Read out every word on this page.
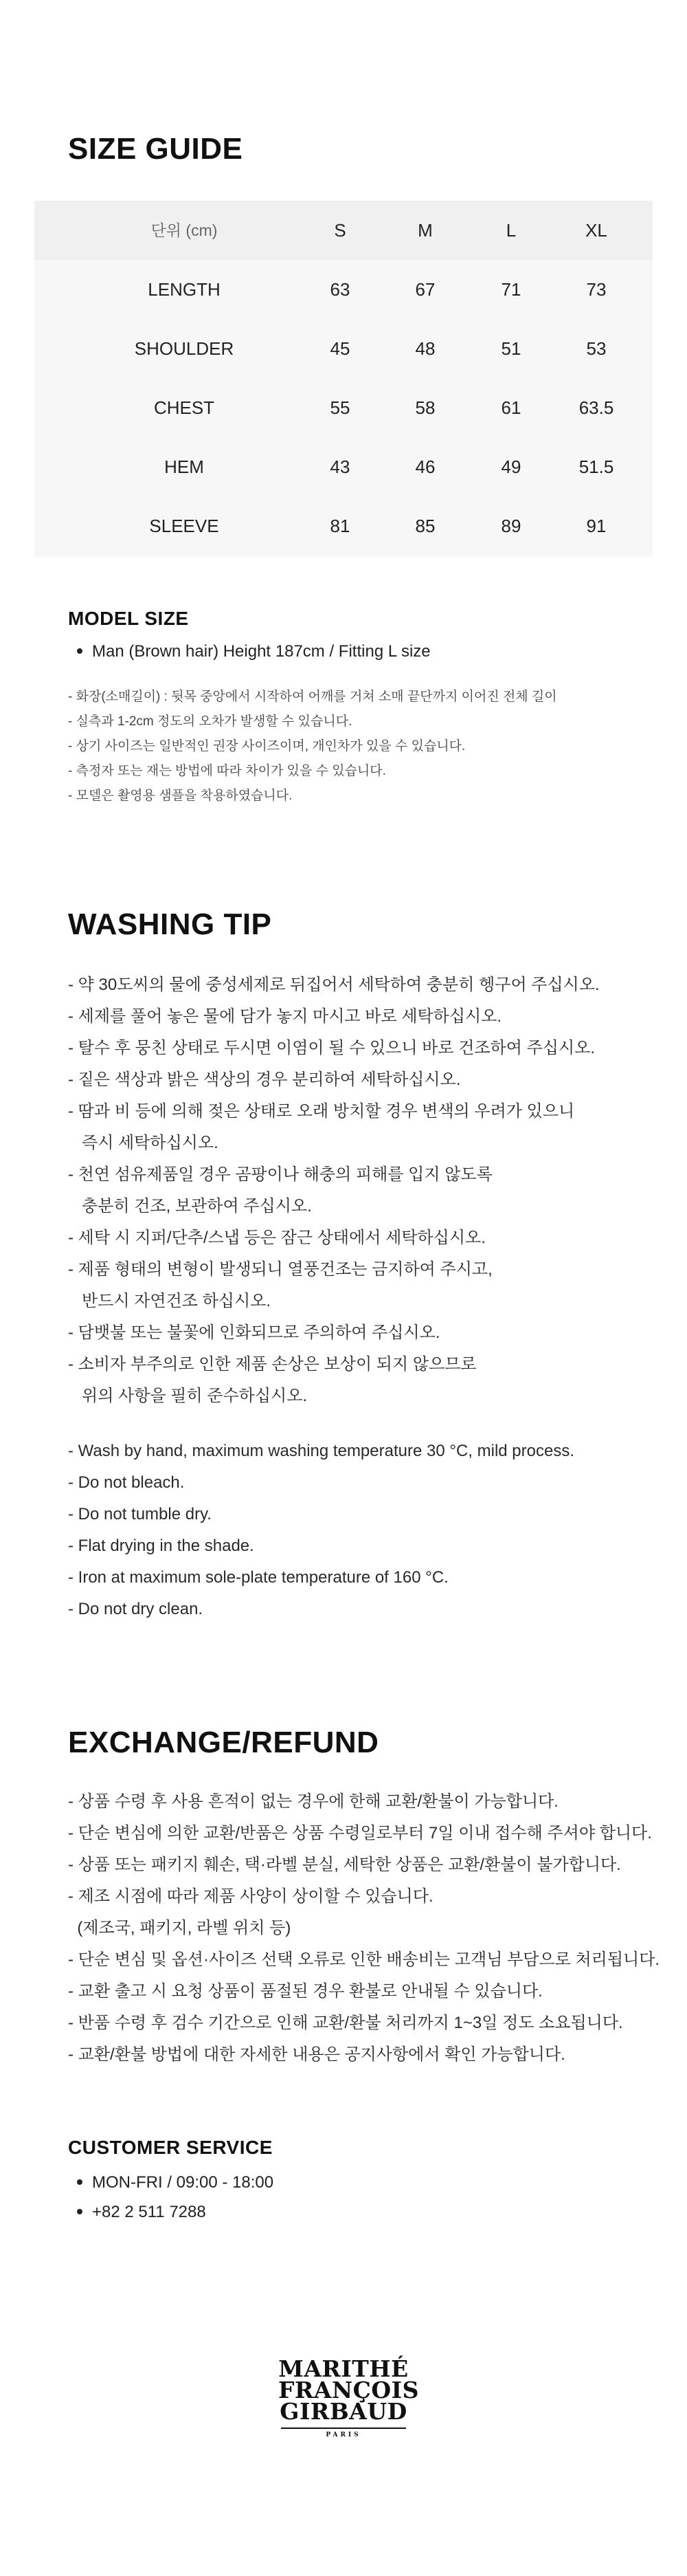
SIZE GUIDE
단위 (cm)	S	M	L	XL
LENGTH	63	67	71	73
SHOULDER	45	48	51	53
CHEST	55	58	61	63.5
HEM	43	46	49	51.5
SLEEVE	81	85	89	91
MODEL SIZE
Man (Brown hair) Height 187cm / Fitting L size
- 화장(소매길이) : 뒷목 중앙에서 시작하여 어깨를 거쳐 소매 끝단까지 이어진 전체 길이
- 실측과 1-2cm 정도의 오차가 발생할 수 있습니다.
- 상기 사이즈는 일반적인 권장 사이즈이며, 개인차가 있을 수 있습니다.
- 측정자 또는 재는 방법에 따라 차이가 있을 수 있습니다.
- 모델은 촬영용 샘플을 착용하였습니다.
WASHING TIP
- 약 30도씨의 물에 중성세제로 뒤집어서 세탁하여 충분히 헹구어 주십시오.
- 세제를 풀어 놓은 물에 담가 놓지 마시고 바로 세탁하십시오.
- 탈수 후 뭉친 상태로 두시면 이염이 될 수 있으니 바로 건조하여 주십시오.
- 짙은 색상과 밝은 색상의 경우 분리하여 세탁하십시오.
- 땀과 비 등에 의해 젖은 상태로 오래 방치할 경우 변색의 우려가 있으니
즉시 세탁하십시오.
- 천연 섬유제품일 경우 곰팡이나 해충의 피해를 입지 않도록
충분히 건조, 보관하여 주십시오.
- 세탁 시 지퍼/단추/스냅 등은 잠근 상태에서 세탁하십시오.
- 제품 형태의 변형이 발생되니 열풍건조는 금지하여 주시고,
반드시 자연건조 하십시오.
- 담뱃불 또는 불꽃에 인화되므로 주의하여 주십시오.
- 소비자 부주의로 인한 제품 손상은 보상이 되지 않으므로
위의 사항을 필히 준수하십시오.
- Wash by hand, maximum washing temperature 30 °C, mild process.
- Do not bleach.
- Do not tumble dry.
- Flat drying in the shade.
- Iron at maximum sole-plate temperature of 160 °C.
- Do not dry clean.
EXCHANGE/REFUND
- 상품 수령 후 사용 흔적이 없는 경우에 한해 교환/환불이 가능합니다.
- 단순 변심에 의한 교환/반품은 상품 수령일로부터 7일 이내 접수해 주셔야 합니다.
- 상품 또는 패키지 훼손, 택·라벨 분실, 세탁한 상품은 교환/환불이 불가합니다.
- 제조 시점에 따라 제품 사양이 상이할 수 있습니다.
(제조국, 패키지, 라벨 위치 등)
- 단순 변심 및 옵션·사이즈 선택 오류로 인한 배송비는 고객님 부담으로 처리됩니다.
- 교환 출고 시 요청 상품이 품절된 경우 환불로 안내될 수 있습니다.
- 반품 수령 후 검수 기간으로 인해 교환/환불 처리까지 1~3일 정도 소요됩니다.
- 교환/환불 방법에 대한 자세한 내용은 공지사항에서 확인 가능합니다.
CUSTOMER SERVICE
MON-FRI / 09:00 - 18:00
+82 2 511 7288
MARITHÉ
FRANÇOIS
GIRBAUD
PARIS
